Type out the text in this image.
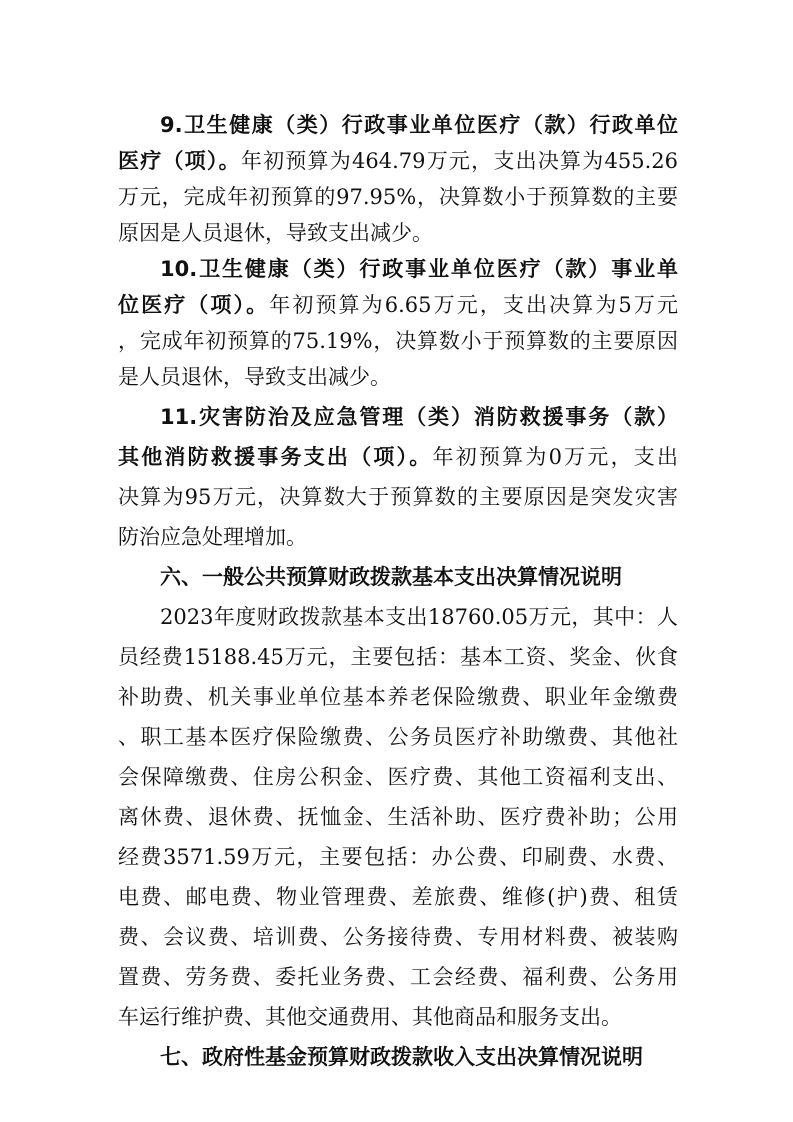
9.卫生健康（类）行政事业单位医疗（款）行政单位
医疗（项）。年初预算为464.79万元，支出决算为455.26
万元，完成年初预算的97.95%，决算数小于预算数的主要
原因是人员退休，导致支出减少。
10.卫生健康（类）行政事业单位医疗（款）事业单
位医疗（项）。年初预算为6.65万元，支出决算为5万元
，完成年初预算的75.19%，决算数小于预算数的主要原因
是人员退休，导致支出减少。
11.灾害防治及应急管理（类）消防救援事务（款）
其他消防救援事务支出（项）。年初预算为0万元，支出
决算为95万元，决算数大于预算数的主要原因是突发灾害
防治应急处理增加。
六、一般公共预算财政拨款基本支出决算情况说明
2023年度财政拨款基本支出18760.05万元，其中：人
员经费15188.45万元，主要包括：基本工资、奖金、伙食
补助费、机关事业单位基本养老保险缴费、职业年金缴费
、职工基本医疗保险缴费、公务员医疗补助缴费、其他社
会保障缴费、住房公积金、医疗费、其他工资福利支出、
离休费、退休费、抚恤金、生活补助、医疗费补助；公用
经费3571.59万元，主要包括：办公费、印刷费、水费、
电费、邮电费、物业管理费、差旅费、维修(护)费、租赁
费、会议费、培训费、公务接待费、专用材料费、被装购
置费、劳务费、委托业务费、工会经费、福利费、公务用
车运行维护费、其他交通费用、其他商品和服务支出。
七、政府性基金预算财政拨款收入支出决算情况说明
